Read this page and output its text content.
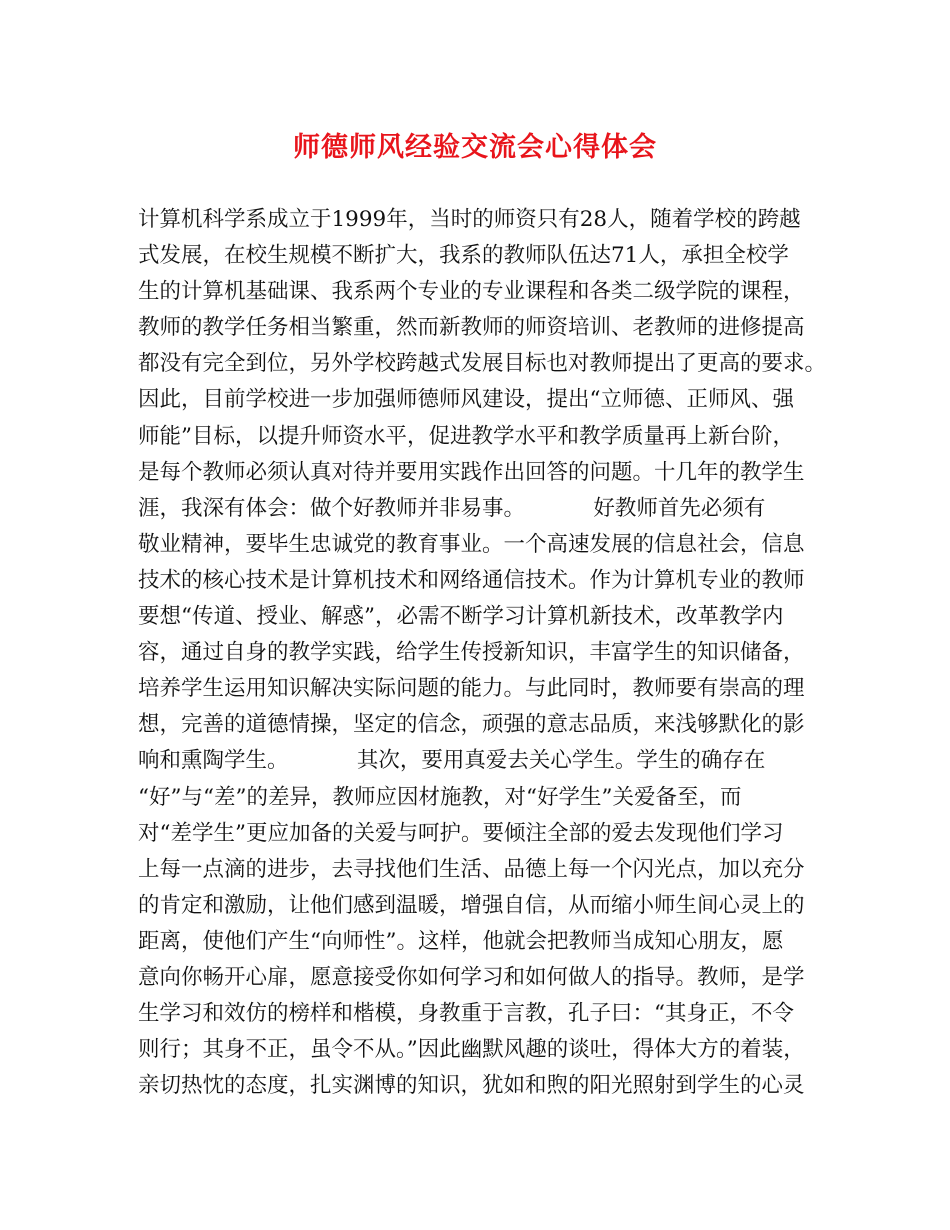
师德师风经验交流会心得体会
计算机科学系成立于1999年，当时的师资只有28人，随着学校的跨越
式发展，在校生规模不断扩大，我系的教师队伍达71人，承担全校学
生的计算机基础课、我系两个专业的专业课程和各类二级学院的课程，
教师的教学任务相当繁重，然而新教师的师资培训、老教师的进修提高
都没有完全到位，另外学校跨越式发展目标也对教师提出了更高的要求。
因此，目前学校进一步加强师德师风建设，提出“立师德、正师风、强
师能”目标，以提升师资水平，促进教学水平和教学质量再上新台阶，
是每个教师必须认真对待并要用实践作出回答的问题。十几年的教学生
涯，我深有体会：做个好教师并非易事。          好教师首先必须有
敬业精神，要毕生忠诚党的教育事业。一个高速发展的信息社会，信息
技术的核心技术是计算机技术和网络通信技术。作为计算机专业的教师
要想“传道、授业、解惑”，必需不断学习计算机新技术，改革教学内
容，通过自身的教学实践，给学生传授新知识，丰富学生的知识储备，
培养学生运用知识解决实际问题的能力。与此同时，教师要有崇高的理
想，完善的道德情操，坚定的信念，顽强的意志品质，来浅够默化的影
响和熏陶学生。          其次，要用真爱去关心学生。学生的确存在
“好”与“差”的差异，教师应因材施教，对“好学生”关爱备至，而
对“差学生”更应加备的关爱与呵护。要倾注全部的爱去发现他们学习
上每一点滴的进步，去寻找他们生活、品德上每一个闪光点，加以充分
的肯定和激励，让他们感到温暖，增强自信，从而缩小师生间心灵上的
距离，使他们产生“向师性”。这样，他就会把教师当成知心朋友，愿
意向你畅开心扉，愿意接受你如何学习和如何做人的指导。教师，是学
生学习和效仿的榜样和楷模，身教重于言教，孔子曰：“其身正，不令
则行；其身不正，虽令不从。”因此幽默风趣的谈吐，得体大方的着装，
亲切热忱的态度，扎实渊博的知识，犹如和煦的阳光照射到学生的心灵
